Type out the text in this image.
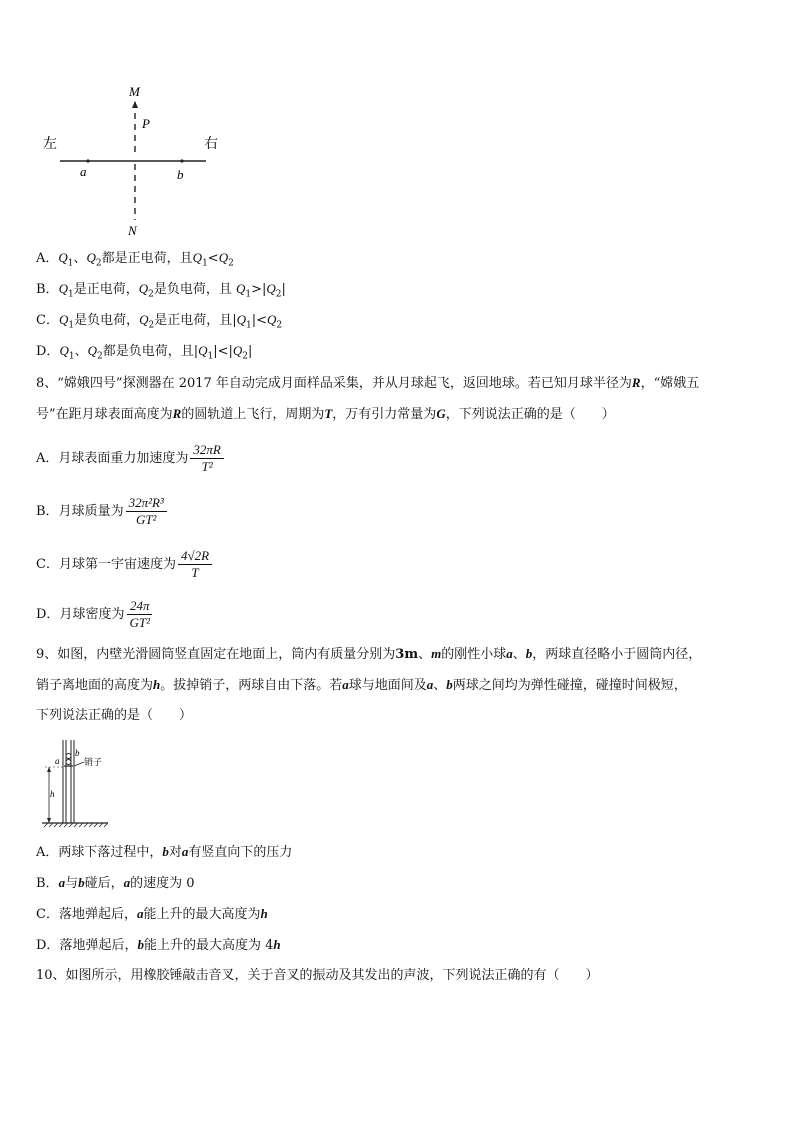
M
P
左	右
a	b
N
A．$Q_1$、$Q_2$都是正电荷，且$Q_1<Q_2$
B．$Q_1$是正电荷，$Q_2$是负电荷，且 $Q_1>|Q_2|$
C．$Q_1$是负电荷，$Q_2$是正电荷，且$|Q_1|<Q_2$
D．$Q_1$、$Q_2$都是负电荷，且$|Q_1|<|Q_2|$
8、“嫦娥四号”探测器在 2017 年自动完成月面样品采集，并从月球起飞，返回地球。若已知月球半径为R，“嫦娥五
号”在距月球表面高度为R的圆轨道上飞行，周期为T，万有引力常量为G，下列说法正确的是（　　）
A．月球表面重力加速度为 $\frac{32\pi R}{\text{T²}}$
B．月球质量为 $\frac{\text{32π²R³}}{\text{GT²}}$
C．月球第一宇宙速度为 $\frac{4√2R}{T}$
D．月球密度为 $\frac{24\pi}{\text{GT²}}$
9、如图，内壁光滑圆筒竖直固定在地面上，筒内有质量分别为3m、m的刚性小球a、b，两球直径略小于圆筒内径，
销子离地面的高度为h。拔掉销子，两球自由下落。若a球与地面间及a、b两球之间均为弹性碰撞，碰撞时间极短，
下列说法正确的是（　　）
a
b
销子
h
A．两球下落过程中，b对a有竖直向下的压力
B．a与b碰后，a的速度为 0
C．落地弹起后，a能上升的最大高度为h
D．落地弹起后，b能上升的最大高度为 4h
10、如图所示，用橡胶锤敲击音叉，关于音叉的振动及其发出的声波，下列说法正确的有（　　）
